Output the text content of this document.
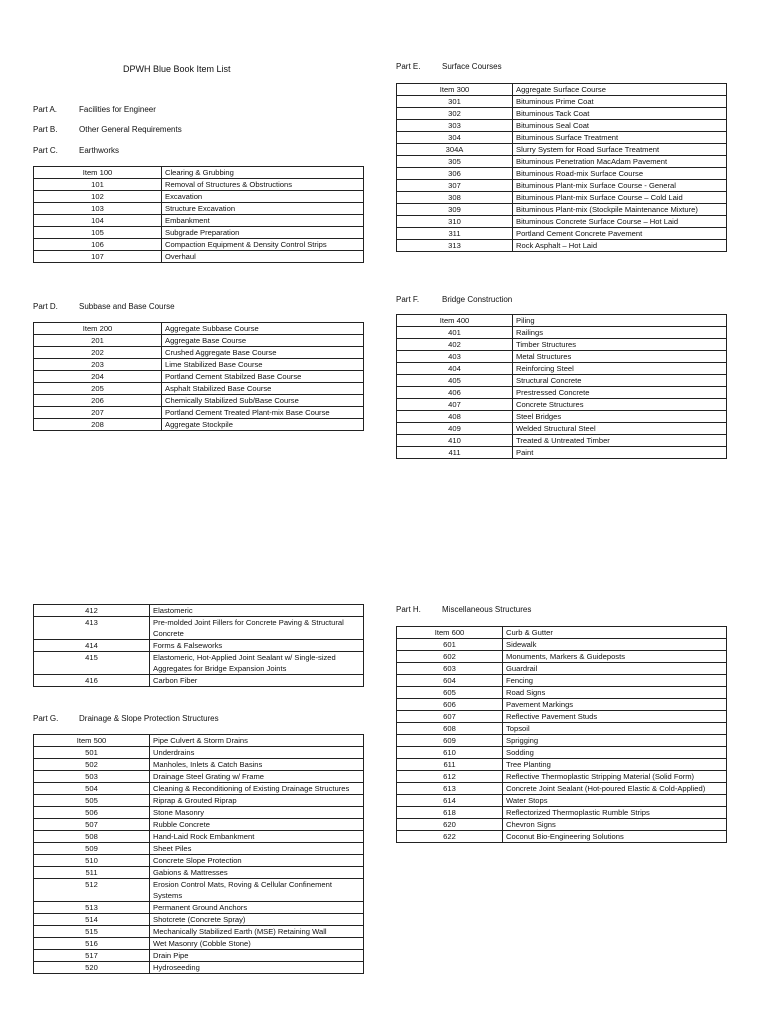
DPWH Blue Book Item List
Part A.	Facilities for Engineer
Part B.	Other General Requirements
Part C.	Earthworks
Item 100	Clearing & Grubbing
101	Removal of Structures & Obstructions
102	Excavation
103	Structure Excavation
104	Embankment
105	Subgrade Preparation
106	Compaction Equipment & Density Control Strips
107	Overhaul
Part D.	Subbase and Base Course
Item 200	Aggregate Subbase Course
201	Aggregate Base Course
202	Crushed Aggregate Base Course
203	Lime Stabilized Base Course
204	Portland Cement Stabilzed Base Course
205	Asphalt Stabilized Base Course
206	Chemically Stabilized Sub/Base Course
207	Portland Cement Treated Plant-mix Base Course
208	Aggregate Stockpile
Part E.	Surface Courses
Item 300	Aggregate Surface Course
301	Bituminous Prime Coat
302	Bituminous Tack Coat
303	Bituminous Seal Coat
304	Bituminous Surface Treatment
304A	Slurry System for Road Surface Treatment
305	Bituminous Penetration MacAdam Pavement
306	Bituminous Road-mix Surface Course
307	Bituminous Plant-mix Surface Course - General
308	Bituminous Plant-mix Surface Course – Cold Laid
309	Bituminous Plant-mix (Stockpile Maintenance Mixture)
310	Bituminous Concrete Surface Course – Hot Laid
311	Portland Cement Concrete Pavement
313	Rock Asphalt – Hot Laid
Part F.	Bridge Construction
Item 400	Piling
401	Railings
402	Timber Structures
403	Metal Structures
404	Reinforcing Steel
405	Structural Concrete
406	Prestressed Concrete
407	Concrete Structures
408	Steel Bridges
409	Welded Structural Steel
410	Treated & Untreated Timber
411	Paint
412	Elastomeric
413	Pre-molded Joint Fillers for Concrete Paving & Structural Concrete
414	Forms & Falseworks
415	Elastomeric, Hot-Applied Joint Sealant w/ Single-sized Aggregates for Bridge Expansion Joints
416	Carbon Fiber
Part G.	Drainage & Slope Protection Structures
Item 500	Pipe Culvert & Storm Drains
501	Underdrains
502	Manholes, Inlets & Catch Basins
503	Drainage Steel Grating w/ Frame
504	Cleaning & Reconditioning of Existing Drainage Structures
505	Riprap & Grouted Riprap
506	Stone Masonry
507	Rubble Concrete
508	Hand-Laid Rock Embankment
509	Sheet Piles
510	Concrete Slope Protection
511	Gabions & Mattresses
512	Erosion Control Mats, Roving & Cellular Confinement Systems
513	Permanent Ground Anchors
514	Shotcrete (Concrete Spray)
515	Mechanically Stabilized Earth (MSE) Retaining Wall
516	Wet Masonry (Cobble Stone)
517	Drain Pipe
520	Hydroseeding
Part H.	Miscellaneous Structures
Item 600	Curb & Gutter
601	Sidewalk
602	Monuments, Markers & Guideposts
603	Guardrail
604	Fencing
605	Road Signs
606	Pavement Markings
607	Reflective Pavement Studs
608	Topsoil
609	Sprigging
610	Sodding
611	Tree Planting
612	Reflective Thermoplastic Stripping Material (Solid Form)
613	Concrete Joint Sealant (Hot-poured Elastic & Cold-Applied)
614	Water Stops
618	Reflectorized Thermoplastic Rumble Strips
620	Chevron Signs
622	Coconut Bio-Engineering Solutions
